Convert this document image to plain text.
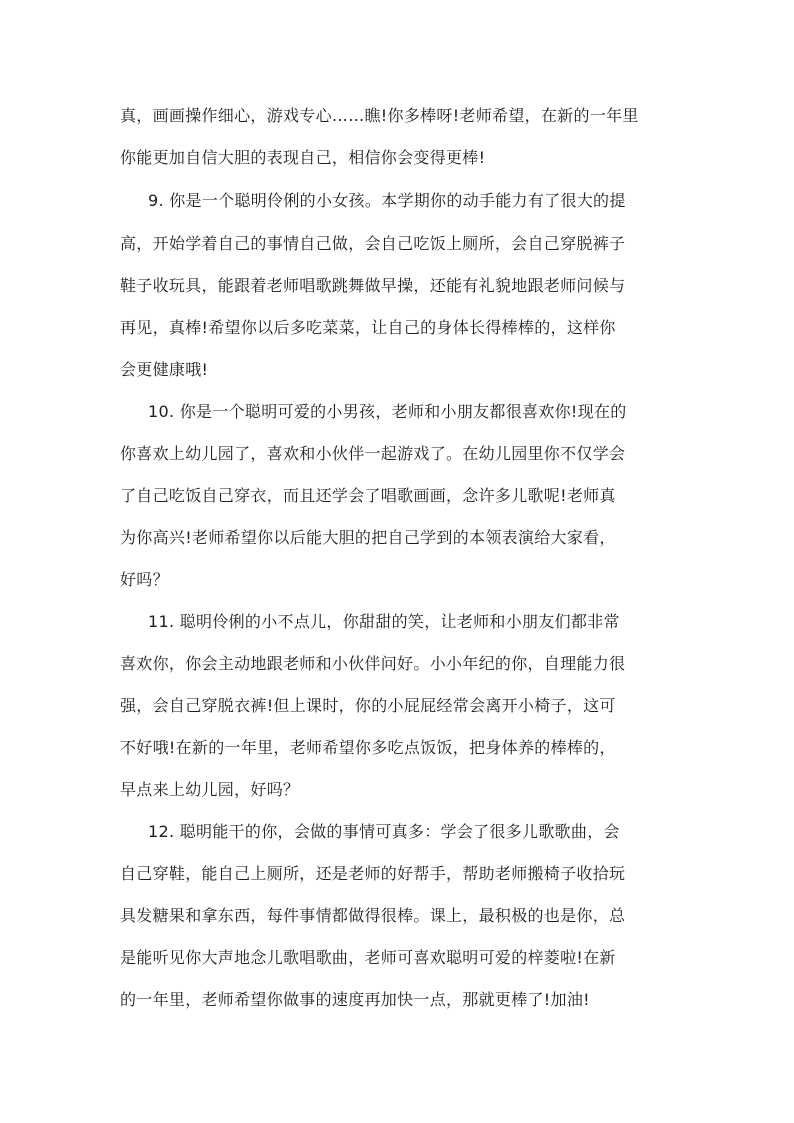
真，画画操作细心，游戏专心……瞧!你多棒呀!老师希望，在新的一年里
你能更加自信大胆的表现自己，相信你会变得更棒!
9. 你是一个聪明伶俐的小女孩。本学期你的动手能力有了很大的提
高，开始学着自己的事情自己做，会自己吃饭上厕所，会自己穿脱裤子
鞋子收玩具，能跟着老师唱歌跳舞做早操，还能有礼貌地跟老师问候与
再见，真棒!希望你以后多吃菜菜，让自己的身体长得棒棒的，这样你
会更健康哦!
10. 你是一个聪明可爱的小男孩，老师和小朋友都很喜欢你!现在的
你喜欢上幼儿园了，喜欢和小伙伴一起游戏了。在幼儿园里你不仅学会
了自己吃饭自己穿衣，而且还学会了唱歌画画，念许多儿歌呢!老师真
为你高兴!老师希望你以后能大胆的把自己学到的本领表演给大家看，
好吗？
11. 聪明伶俐的小不点儿，你甜甜的笑，让老师和小朋友们都非常
喜欢你，你会主动地跟老师和小伙伴问好。小小年纪的你，自理能力很
强，会自己穿脱衣裤!但上课时，你的小屁屁经常会离开小椅子，这可
不好哦!在新的一年里，老师希望你多吃点饭饭，把身体养的棒棒的，
早点来上幼儿园，好吗？
12. 聪明能干的你，会做的事情可真多：学会了很多儿歌歌曲，会
自己穿鞋，能自己上厕所，还是老师的好帮手，帮助老师搬椅子收拾玩
具发糖果和拿东西，每件事情都做得很棒。课上，最积极的也是你，总
是能听见你大声地念儿歌唱歌曲，老师可喜欢聪明可爱的梓菱啦!在新
的一年里，老师希望你做事的速度再加快一点，那就更棒了!加油!
